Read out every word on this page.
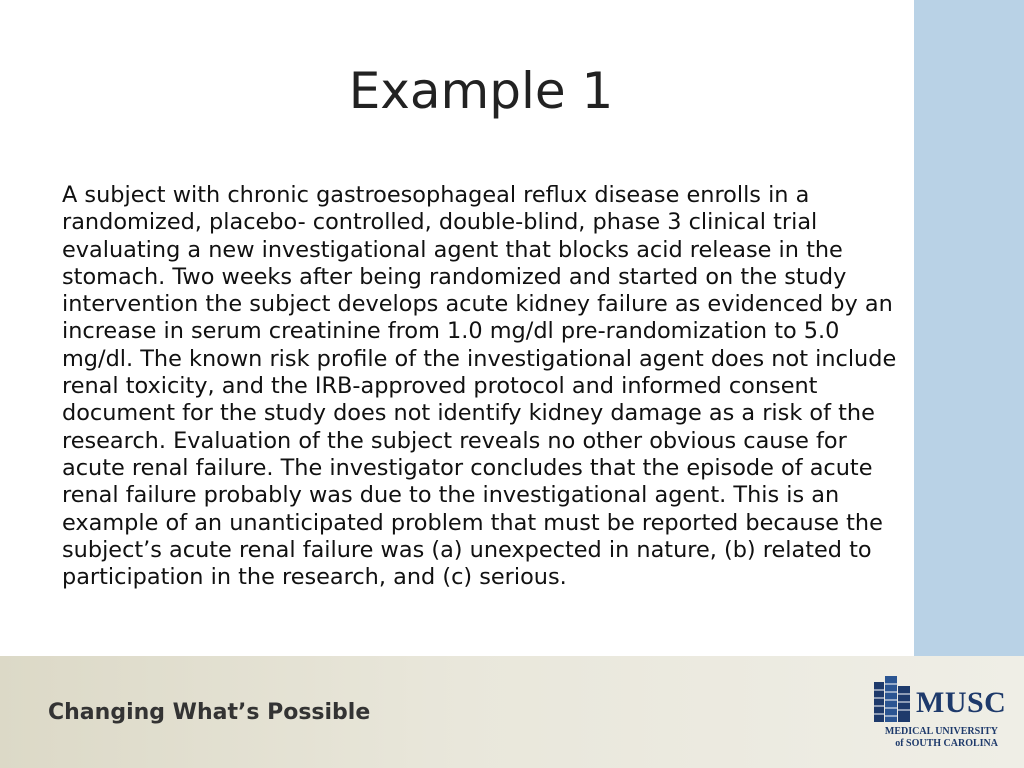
Example 1

A subject with chronic gastroesophageal reflux disease enrolls in a randomized, placebo- controlled, double-blind, phase 3 clinical trial evaluating a new investigational agent that blocks acid release in the stomach. Two weeks after being randomized and started on the study intervention the subject develops acute kidney failure as evidenced by an increase in serum creatinine from 1.0 mg/dl pre-randomization to 5.0 mg/dl. The known risk profile of the investigational agent does not include renal toxicity, and the IRB-approved protocol and informed consent document for the study does not identify kidney damage as a risk of the research. Evaluation of the subject reveals no other obvious cause for acute renal failure. The investigator concludes that the episode of acute renal failure probably was due to the investigational agent. This is an example of an unanticipated problem that must be reported because the subject’s acute renal failure was (a) unexpected in nature, (b) related to participation in the research, and (c) serious.

Changing What’s Possible	MUSC
MEDICAL UNIVERSITY
of SOUTH CAROLINA
